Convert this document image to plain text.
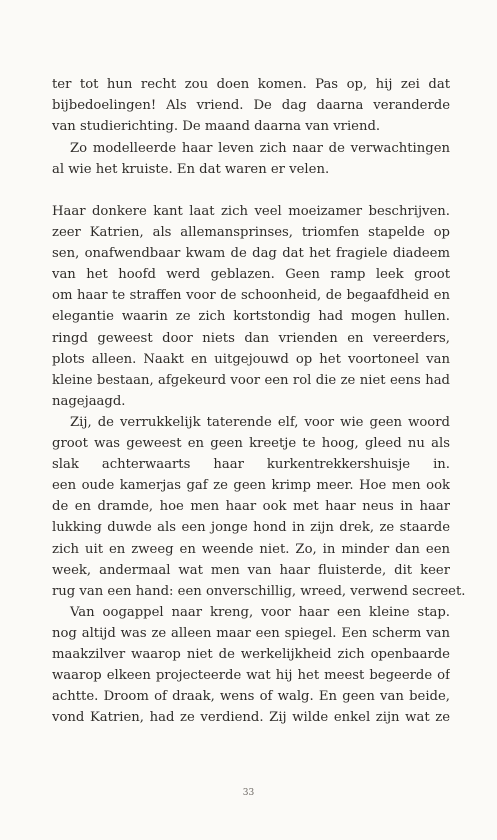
ter tot hun recht zou doen komen. Pas op, hij zei dat
bijbedoelingen! Als vriend. De dag daarna veranderde
van studierichting. De maand daarna van vriend.
Zo modelleerde haar leven zich naar de verwachtingen
al wie het kruiste. En dat waren er velen.
Haar donkere kant laat zich veel moeizamer beschrijven.
zeer Katrien, als allemansprinses, triomfen stapelde op
sen, onafwendbaar kwam de dag dat het fragiele diadeem
van het hoofd werd geblazen. Geen ramp leek groot
om haar te straffen voor de schoonheid, de begaafdheid en
elegantie waarin ze zich kortstondig had mogen hullen.
ringd geweest door niets dan vrienden en vereerders,
plots alleen. Naakt en uitgejouwd op het voortoneel van
kleine bestaan, afgekeurd voor een rol die ze niet eens had
nagejaagd.
Zij, de verrukkelijk taterende elf, voor wie geen woord
groot was geweest en geen kreetje te hoog, gleed nu als
slak achterwaarts haar kurkentrekkershuisje in.
een oude kamerjas gaf ze geen krimp meer. Hoe men ook
de en dramde, hoe men haar ook met haar neus in haar
lukking duwde als een jonge hond in zijn drek, ze staarde
zich uit en zweeg en weende niet. Zo, in minder dan een
week, andermaal wat men van haar fluisterde, dit keer
rug van een hand: een onverschillig, wreed, verwend secreet.
Van oogappel naar kreng, voor haar een kleine stap.
nog altijd was ze alleen maar een spiegel. Een scherm van
maakzilver waarop niet de werkelijkheid zich openbaarde
waarop elkeen projecteerde wat hij het meest begeerde of
achtte. Droom of draak, wens of walg. En geen van beide,
vond Katrien, had ze verdiend. Zij wilde enkel zijn wat ze
33
